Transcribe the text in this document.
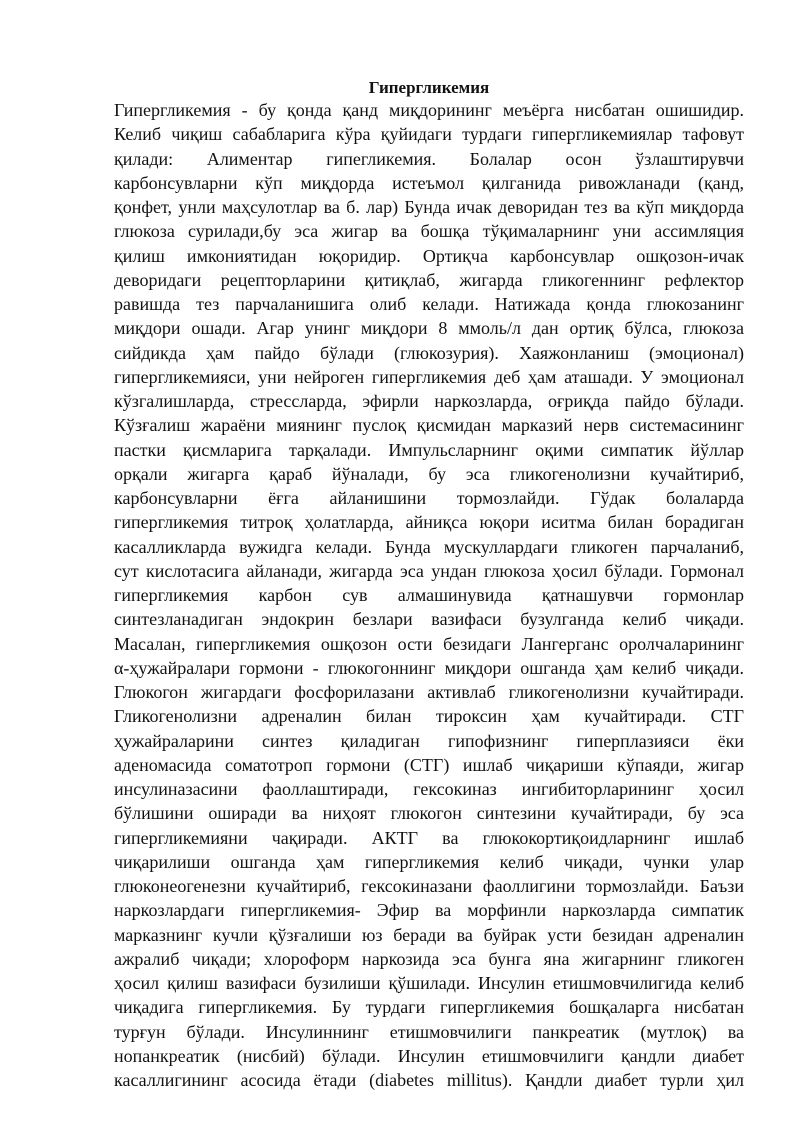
Гипергликемия
Гипергликемия - бу қонда қанд миқдорининг меъёрга нисбатан ошишидир.
Келиб чиқиш сабабларига кўра қуйидаги турдаги гипергликемиялар тафовут
қилади: Алиментар гипегликемия. Болалар осон ўзлаштирувчи
карбонсувларни кўп миқдорда истеъмол қилганида ривожланади (қанд,
қонфет, унли маҳсулотлар ва б. лар) Бунда ичак деворидан тез ва кўп миқдорда
глюкоза сурилади,бу эса жигар ва бошқа тўқималарнинг уни ассимляция
қилиш имкониятидан юқоридир. Ортиқча карбонсувлар ошқозон-ичак
деворидаги рецепторларини қитиқлаб, жигарда гликогеннинг рефлектор
равишда тез парчаланишига олиб келади. Натижада қонда глюкозанинг
миқдори ошади. Агар унинг миқдори 8 ммоль/л дан ортиқ бўлса, глюкоза
сийдикда ҳам пайдо бўлади (глюкозурия). Хаяжонланиш (эмоционал)
гипергликемияси, уни нейроген гипергликемия деб ҳам аташади. У эмоционал
кўзгалишларда, стрессларда, эфирли наркозларда, оғриқда пайдо бўлади.
Кўзғалиш жараёни миянинг пуслоқ қисмидан марказий нерв системасининг
пастки қисмларига тарқалади. Импульсларнинг оқими симпатик йўллар
орқали жигарга қараб йўналади, бу эса гликогенолизни кучайтириб,
карбонсувларни ёғга айланишини тормозлайди. Гўдак болаларда
гипергликемия титроқ ҳолатларда, айниқса юқори иситма билан борадиган
касалликларда вужидга келади. Бунда мускуллардаги гликоген парчаланиб,
сут кислотасига айланади, жигарда эса ундан глюкоза ҳосил бўлади. Гормонал
гипергликемия карбон сув алмашинувида қатнашувчи гормонлар
синтезланадиган эндокрин безлари вазифаси бузулганда келиб чиқади.
Масалан, гипергликемия ошқозон ости безидаги Лангерганс оролчаларининг
α-ҳужайралари гормони - глюкогоннинг миқдори ошганда ҳам келиб чиқади.
Глюкогон жигардаги фосфорилазани активлаб гликогенолизни кучайтиради.
Гликогенолизни адреналин билан тироксин ҳам кучайтиради. СТГ
ҳужайраларини синтез қиладиган гипофизнинг гиперплазияси ёки
аденомасида соматотроп гормони (СТГ) ишлаб чиқариши кўпаяди, жигар
инсулиназасини фаоллаштиради, гексокиназ ингибиторларининг ҳосил
бўлишини оширади ва ниҳоят глюкогон синтезини кучайтиради, бу эса
гипергликемияни чақиради. АКТГ ва глюкокортиқоидларнинг ишлаб
чиқарилиши ошганда ҳам гипергликемия келиб чиқади, чунки улар
глюконеогенезни кучайтириб, гексокиназани фаоллигини тормозлайди. Баъзи
наркозлардаги гипергликемия- Эфир ва морфинли наркозларда симпатик
марказнинг кучли қўзғалиши юз беради ва буйрак усти безидан адреналин
ажралиб чиқади; хлороформ наркозида эса бунга яна жигарнинг гликоген
ҳосил қилиш вазифаси бузилиши қўшилади. Инсулин етишмовчилигида келиб
чиқадига гипергликемия. Бу турдаги гипергликемия бошқаларга нисбатан
турғун бўлади. Инсулиннинг етишмовчилиги панкреатик (мутлоқ) ва
нопанкреатик (нисбий) бўлади. Инсулин етишмовчилиги қандли диабет
касаллигининг асосида ётади (diabetes millitus). Қандли диабет турли ҳил
